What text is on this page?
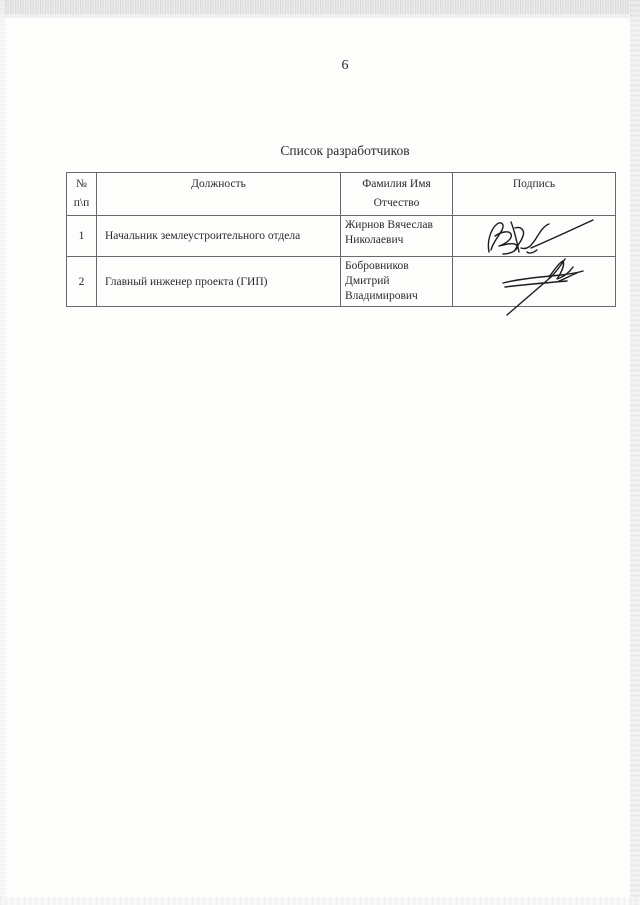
6
Список разработчиков
№ п\п	Должность	Фамилия Имя Отчество	Подпись
1	Начальник землеустроительного отдела	Жирнов Вячеслав Николаевич	

2	Главный инженер проекта (ГИП)	Бобровников Дмитрий Владимирович	
